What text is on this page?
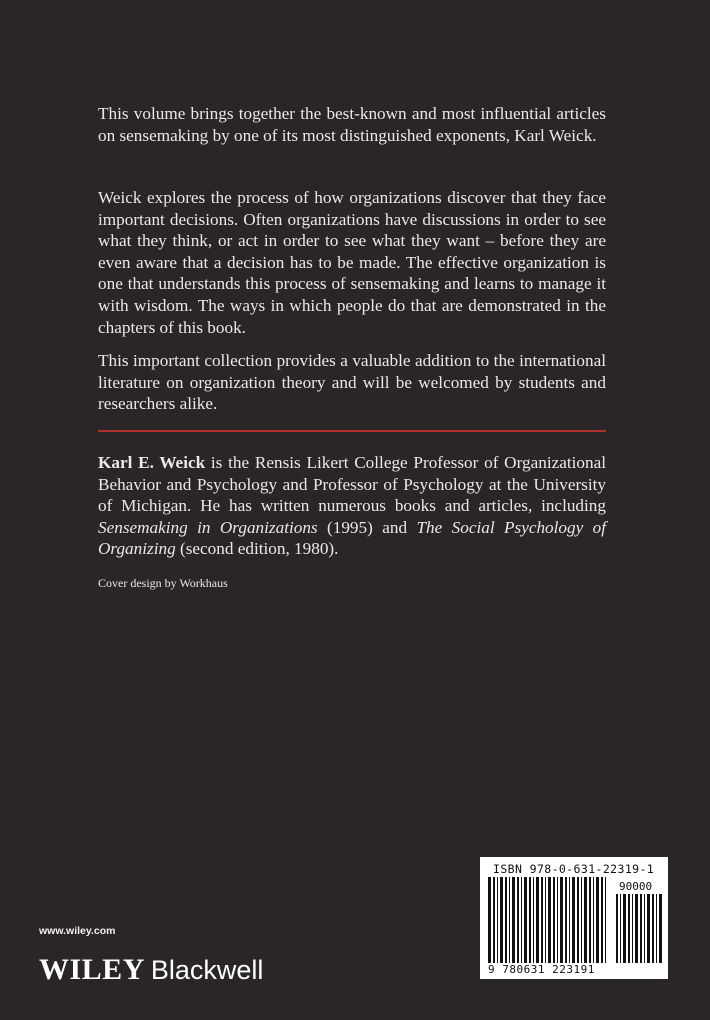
This volume brings together the best-known and most influential articles on sensemaking by one of its most distinguished exponents, Karl Weick.

Weick explores the process of how organizations discover that they face important decisions. Often organizations have discussions in order to see what they think, or act in order to see what they want – before they are even aware that a decision has to be made. The effective organization is one that understands this process of sensemaking and learns to manage it with wisdom. The ways in which people do that are demonstrated in the chapters of this book.

This important collection provides a valuable addition to the international literature on organization theory and will be welcomed by students and researchers alike.

Karl E. Weick is the Rensis Likert College Professor of Organizational Behavior and Psychology and Professor of Psychology at the University of Michigan. He has written numerous books and articles, including Sensemaking in Organizations (1995) and The Social Psychology of Organizing (second edition, 1980).

Cover design by Workhaus
www.wiley.com
WILEY Blackwell
ISBN 978-0-631-22319-1
90000
9 780631 223191
